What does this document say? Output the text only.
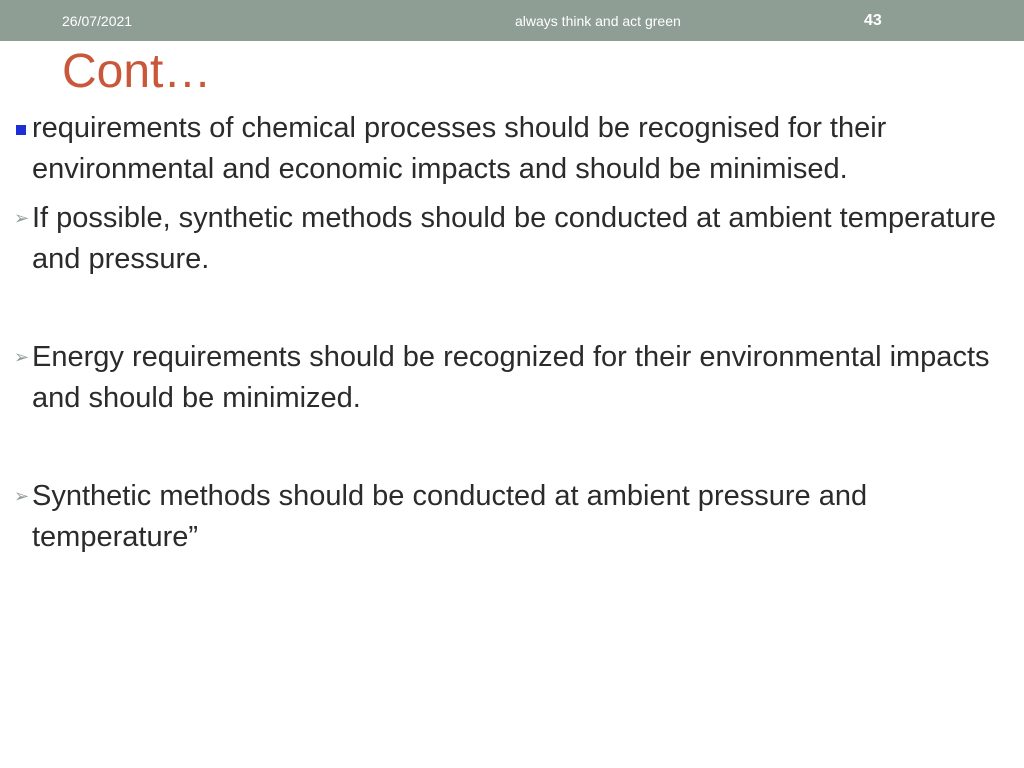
26/07/2021	always think and act green	43
Cont…
requirements of chemical processes should be recognised for their environmental and economic impacts and should be minimised.
➢ If possible, synthetic methods should be conducted at ambient temperature and pressure.
➢ Energy requirements should be recognized for their environmental impacts and should be minimized.
➢ Synthetic methods should be conducted at ambient pressure and temperature”
